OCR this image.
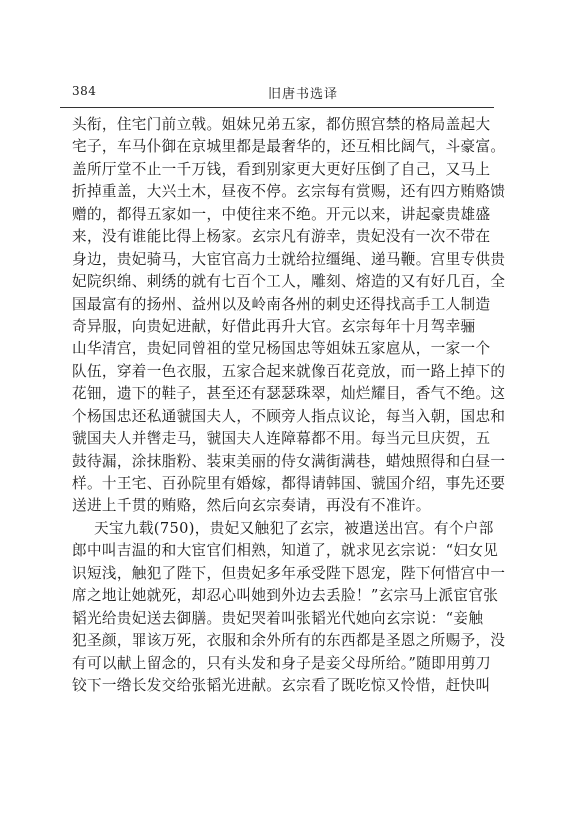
384	旧唐书选译
头衔，住宅门前立戟。姐妹兄弟五家，都仿照宫禁的格局盖起大
宅子，车马仆御在京城里都是最奢华的，还互相比阔气，斗豪富。
盖所厅堂不止一千万钱，看到别家更大更好压倒了自己，又马上
折掉重盖，大兴土木，昼夜不停。玄宗每有赏赐，还有四方贿赂馈
赠的，都得五家如一，中使往来不绝。开元以来，讲起豪贵雄盛
来，没有谁能比得上杨家。玄宗凡有游幸，贵妃没有一次不带在
身边，贵妃骑马，大宦官高力士就给拉缰绳、递马鞭。宫里专供贵
妃院织绵、刺绣的就有七百个工人，雕刻、熔造的又有好几百，全
国最富有的扬州、益州以及岭南各州的刺史还得找高手工人制造
奇异服，向贵妃进献，好借此再升大官。玄宗每年十月驾幸骊
山华清宫，贵妃同曾祖的堂兄杨国忠等姐妹五家扈从，一家一个
队伍，穿着一色衣服，五家合起来就像百花竞放，而一路上掉下的
花钿，遗下的鞋子，甚至还有瑟瑟珠翠，灿烂耀目，香气不绝。这
个杨国忠还私通虢国夫人，不顾旁人指点议论，每当入朝，国忠和
虢国夫人并辔走马，虢国夫人连障幕都不用。每当元旦庆贺，五
鼓待漏，涂抹脂粉、装束美丽的侍女满街满巷，蜡烛照得和白昼一
样。十王宅、百孙院里有婚嫁，都得请韩国、虢国介绍，事先还要
送进上千贯的贿赂，然后向玄宗奏请，再没有不准许。
天宝九载(750)，贵妃又触犯了玄宗，被遣送出宫。有个户部
郎中叫吉温的和大宦官们相熟，知道了，就求见玄宗说：“妇女见
识短浅，触犯了陛下，但贵妃多年承受陛下恩宠，陛下何惜宫中一
席之地让她就死，却忍心叫她到外边去丢脸！”玄宗马上派宦官张
韬光给贵妃送去御膳。贵妃哭着叫张韬光代她向玄宗说：“妾触
犯圣颜，罪该万死，衣服和余外所有的东西都是圣恩之所赐予，没
有可以献上留念的，只有头发和身子是妾父母所给。”随即用剪刀
铰下一绺长发交给张韬光进献。玄宗看了既吃惊又怜惜，赶快叫
